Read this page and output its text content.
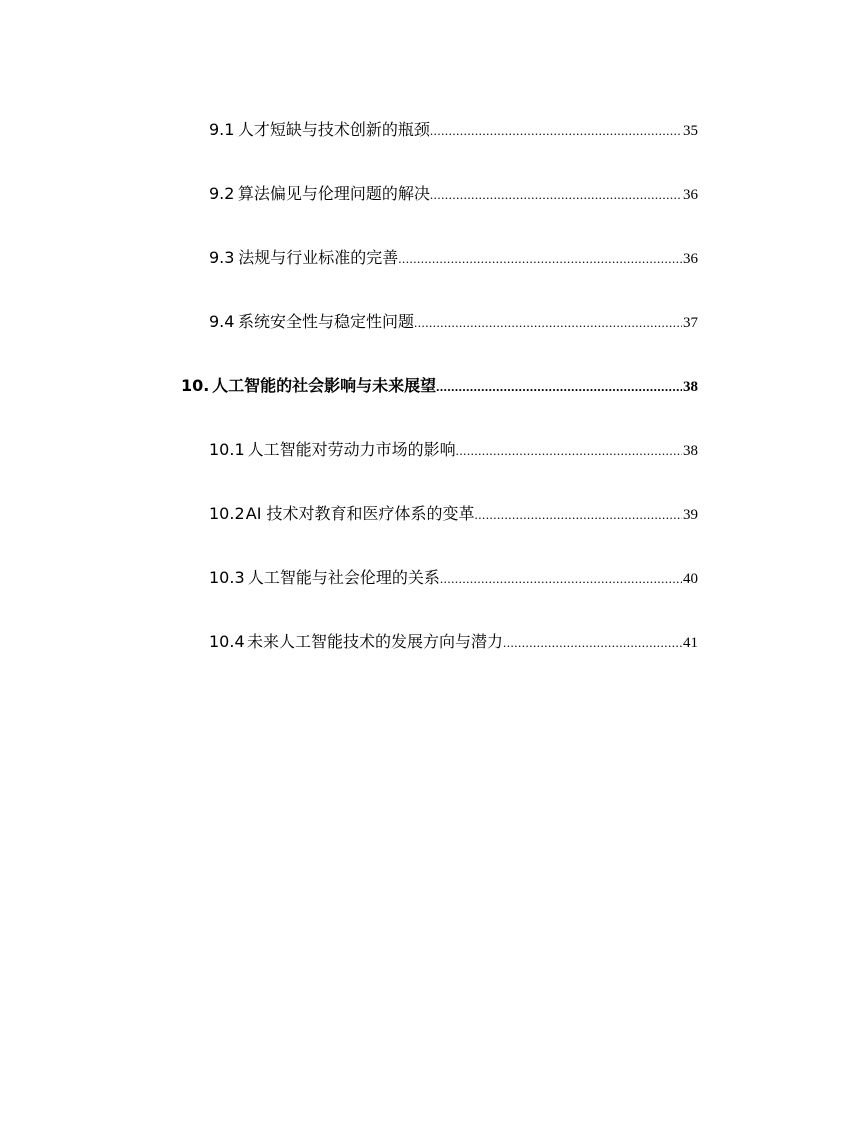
9.1 人才短缺与技术创新的瓶颈 .....	35
9.2 算法偏见与伦理问题的解决 .....	36
9.3 法规与行业标准的完善 .....	36
9.4 系统安全性与稳定性问题 .....	37
10. 人工智能的社会影响与未来展望 .....	38
10.1 人工智能对劳动力市场的影响 .....	38
10.2 AI 技术对教育和医疗体系的变革 .....	39
10.3 人工智能与社会伦理的关系 .....	40
10.4 未来人工智能技术的发展方向与潜力 .....	41
